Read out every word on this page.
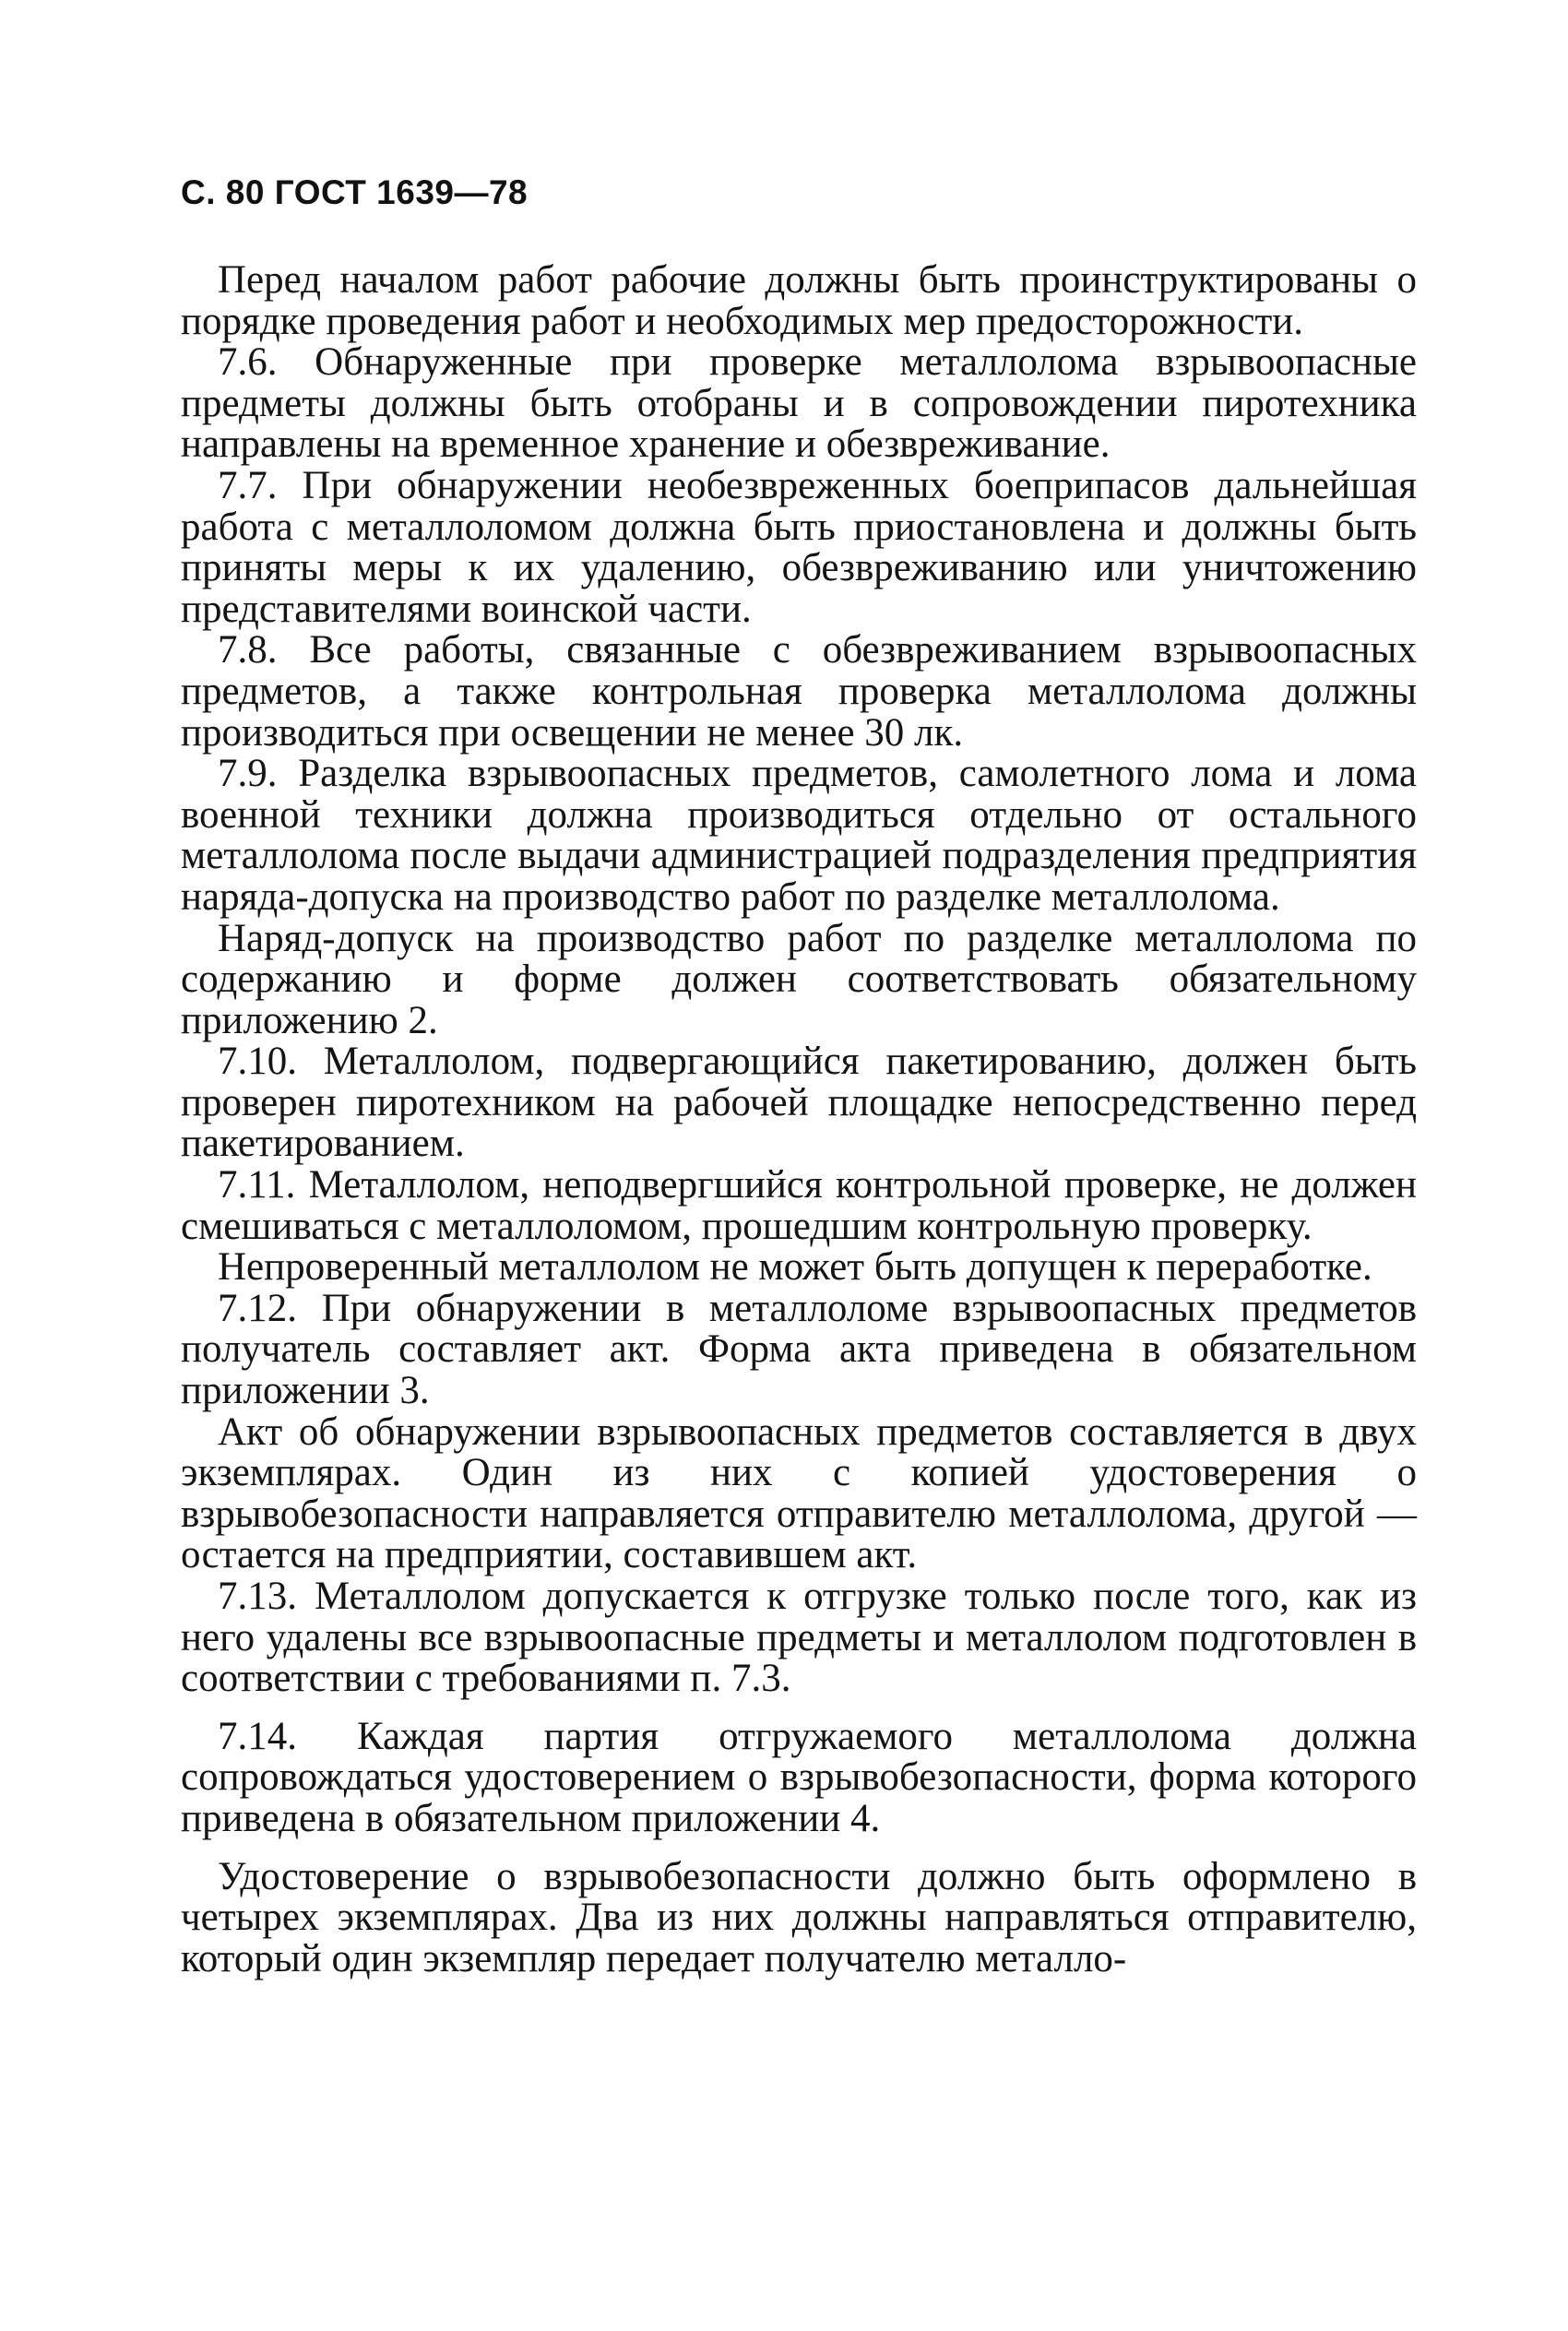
С. 80 ГОСТ 1639—78

Перед началом работ рабочие должны быть проинструктированы о порядке проведения работ и необходимых мер предосторожности.

7.6. Обнаруженные при проверке металлолома взрывоопасные предметы должны быть отобраны и в сопровождении пиротехника направлены на временное хранение и обезвреживание.

7.7. При обнаружении необезвреженных боеприпасов дальнейшая работа с металлоломом должна быть приостановлена и должны быть приняты меры к их удалению, обезвреживанию или уничтожению представителями воинской части.

7.8. Все работы, связанные с обезвреживанием взрывоопасных предметов, а также контрольная проверка металлолома должны производиться при освещении не менее 30 лк.

7.9. Разделка взрывоопасных предметов, самолетного лома и лома военной техники должна производиться отдельно от остального металлолома после выдачи администрацией подразделения предприятия наряда-допуска на производство работ по разделке металлолома.

Наряд-допуск на производство работ по разделке металлолома по содержанию и форме должен соответствовать обязательному приложению 2.

7.10. Металлолом, подвергающийся пакетированию, должен быть проверен пиротехником на рабочей площадке непосредственно перед пакетированием.

7.11. Металлолом, неподвергшийся контрольной проверке, не должен смешиваться с металлоломом, прошедшим контрольную проверку.

Непроверенный металлолом не может быть допущен к переработке.

7.12. При обнаружении в металлоломе взрывоопасных предметов получатель составляет акт. Форма акта приведена в обязательном приложении 3.

Акт об обнаружении взрывоопасных предметов составляется в двух экземплярах. Один из них с копией удостоверения о взрывобезопасности направляется отправителю металлолома, другой — остается на предприятии, составившем акт.

7.13. Металлолом допускается к отгрузке только после того, как из него удалены все взрывоопасные предметы и металлолом подготовлен в соответствии с требованиями п. 7.3.

7.14. Каждая партия отгружаемого металлолома должна сопровождаться удостоверением о взрывобезопасности, форма которого приведена в обязательном приложении 4.

Удостоверение о взрывобезопасности должно быть оформлено в четырех экземплярах. Два из них должны направляться отправителю, который один экземпляр передает получателю металло-
